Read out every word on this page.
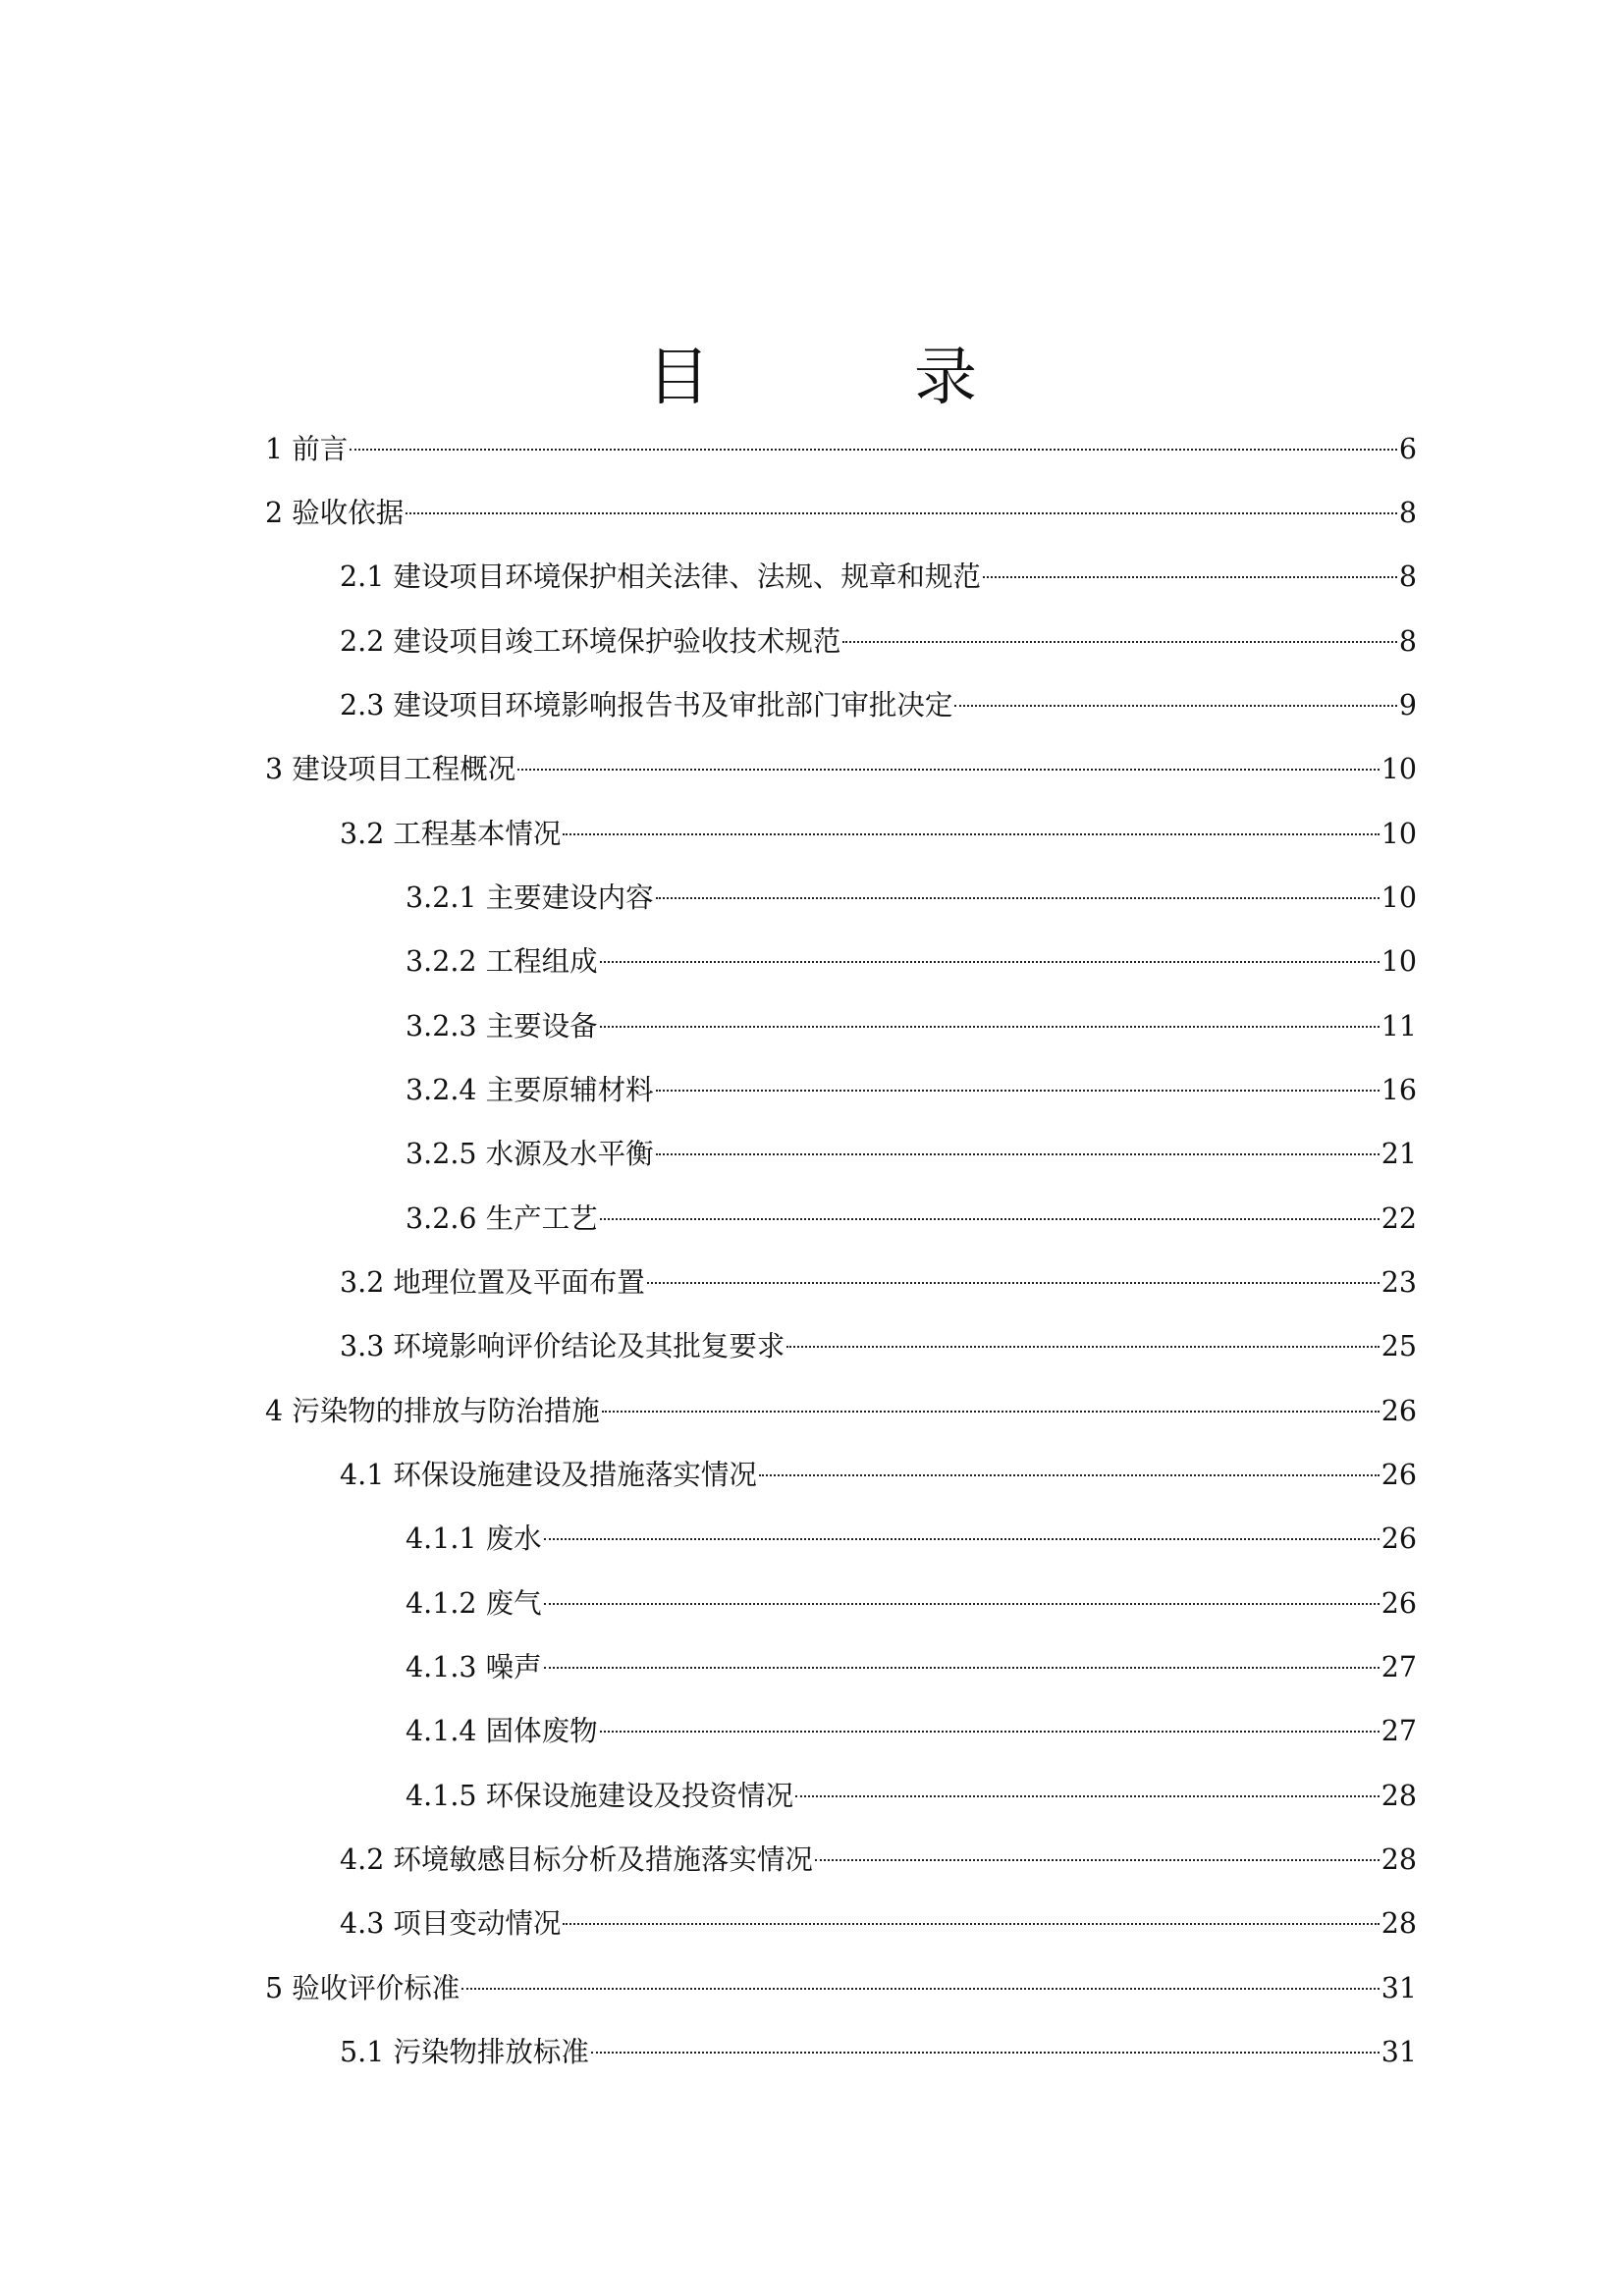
目　录
1 前言	6
2 验收依据	8
2.1 建设项目环境保护相关法律、法规、规章和规范	8
2.2 建设项目竣工环境保护验收技术规范	8
2.3 建设项目环境影响报告书及审批部门审批决定	9
3 建设项目工程概况	10
3.2 工程基本情况	10
3.2.1 主要建设内容	10
3.2.2 工程组成	10
3.2.3 主要设备	11
3.2.4 主要原辅材料	16
3.2.5 水源及水平衡	21
3.2.6 生产工艺	22
3.2 地理位置及平面布置	23
3.3 环境影响评价结论及其批复要求	25
4 污染物的排放与防治措施	26
4.1 环保设施建设及措施落实情况	26
4.1.1 废水	26
4.1.2 废气	26
4.1.3 噪声	27
4.1.4 固体废物	27
4.1.5 环保设施建设及投资情况	28
4.2 环境敏感目标分析及措施落实情况	28
4.3 项目变动情况	28
5 验收评价标准	31
5.1 污染物排放标准	31
